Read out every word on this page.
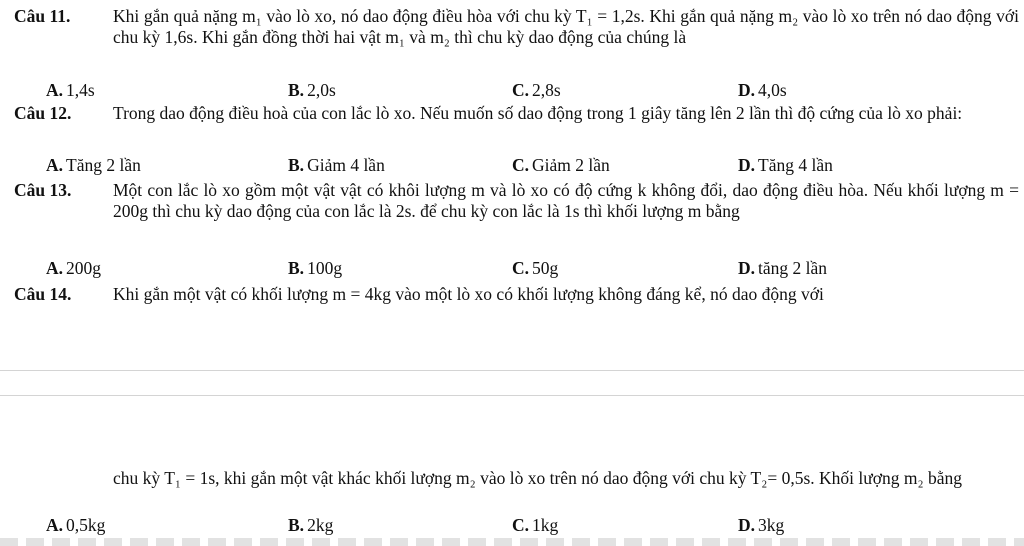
Câu 11. Khi gắn quả nặng m₁ vào lò xo, nó dao động điều hòa với chu kỳ T₁ = 1,2s. Khi gắn quả nặng m₂ vào lò xo trên nó dao động với chu kỳ 1,6s. Khi gắn đồng thời hai vật m₁ và m₂ thì chu kỳ dao động của chúng là
A. 1,4s	B. 2,0s	C. 2,8s	D. 4,0s
Câu 12. Trong dao động điều hoà của con lắc lò xo. Nếu muốn số dao động trong 1 giây tăng lên 2 lần thì độ cứng của lò xo phải:
A. Tăng 2 lần	B. Giảm 4 lần	C. Giảm 2 lần	D. Tăng 4 lần
Câu 13. Một con lắc lò xo gồm một vật vật có khôi lượng m và lò xo có độ cứng k không đổi, dao động điều hòa. Nếu khối lượng m = 200g thì chu kỳ dao động của con lắc là 2s. để chu kỳ con lắc là 1s thì khối lượng m bằng
A. 200g	B. 100g	C. 50g	D. tăng 2 lần
Câu 14. Khi gắn một vật có khối lượng m = 4kg vào một lò xo có khối lượng không đáng kể, nó dao động với
chu kỳ T₁ = 1s, khi gắn một vật khác khối lượng m₂ vào lò xo trên nó dao động với chu kỳ T₂= 0,5s. Khối lượng m₂ bằng
A. 0,5kg	B. 2kg	C. 1kg	D. 3kg
